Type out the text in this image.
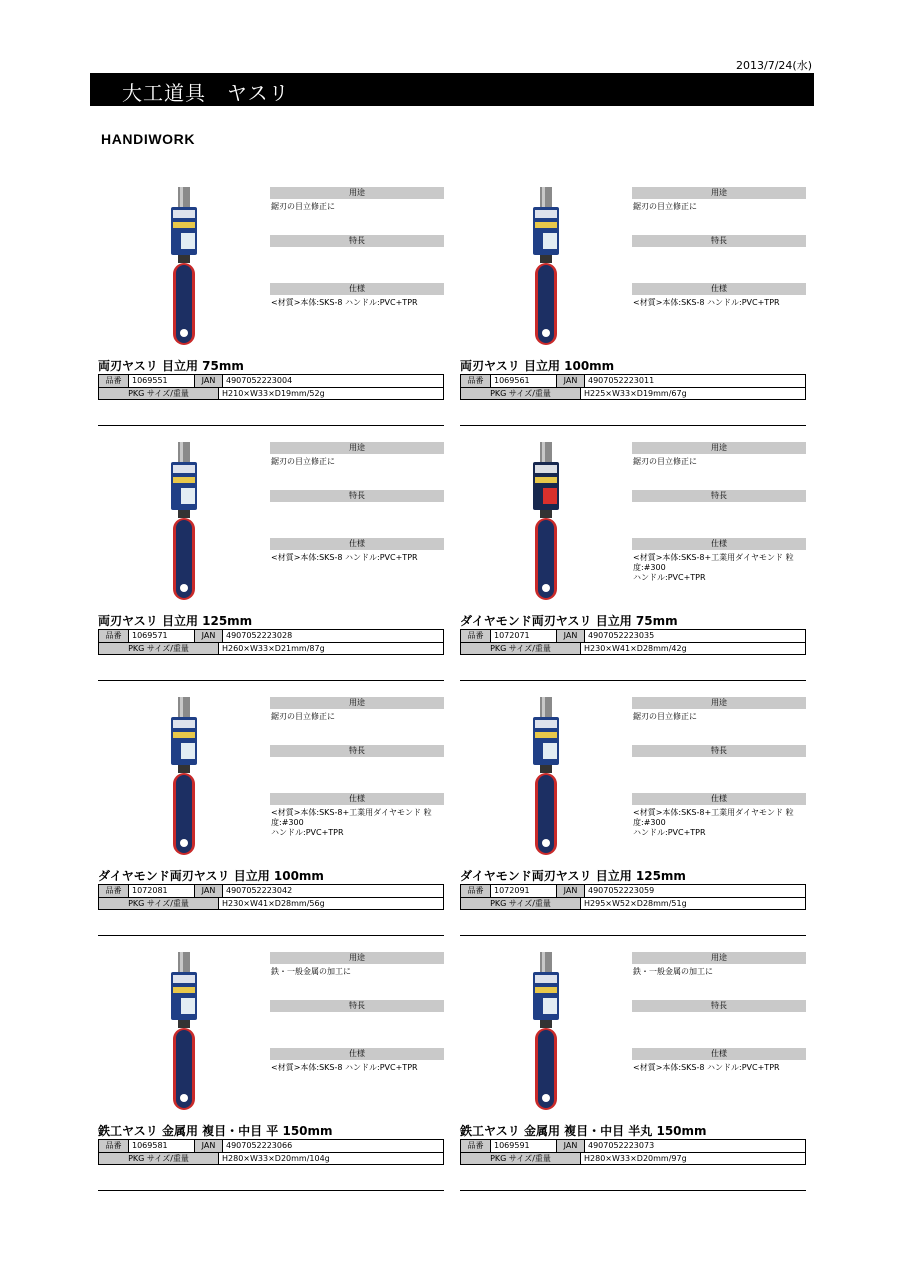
2013/7/24(水)
大工道具　ヤスリ
HANDIWORK
用途
鋸刃の目立修正に
特長
仕様
<材質>本体:SKS-8 ハンドル:PVC+TPR
両刃ヤスリ 目立用 75mm
品番	1069551	JAN	4907052223004
PKG サイズ/重量	H210×W33×D19mm/52g
用途
鋸刃の目立修正に
特長
仕様
<材質>本体:SKS-8 ハンドル:PVC+TPR
両刃ヤスリ 目立用 100mm
品番	1069561	JAN	4907052223011
PKG サイズ/重量	H225×W33×D19mm/67g
用途
鋸刃の目立修正に
特長
仕様
<材質>本体:SKS-8 ハンドル:PVC+TPR
両刃ヤスリ 目立用 125mm
品番	1069571	JAN	4907052223028
PKG サイズ/重量	H260×W33×D21mm/87g
用途
鋸刃の目立修正に
特長
仕様
<材質>本体:SKS-8+工業用ダイヤモンド 粒度:#300
ハンドル:PVC+TPR
ダイヤモンド両刃ヤスリ 目立用 75mm
品番	1072071	JAN	4907052223035
PKG サイズ/重量	H230×W41×D28mm/42g
用途
鋸刃の目立修正に
特長
仕様
<材質>本体:SKS-8+工業用ダイヤモンド 粒度:#300
ハンドル:PVC+TPR
ダイヤモンド両刃ヤスリ 目立用 100mm
品番	1072081	JAN	4907052223042
PKG サイズ/重量	H230×W41×D28mm/56g
用途
鋸刃の目立修正に
特長
仕様
<材質>本体:SKS-8+工業用ダイヤモンド 粒度:#300
ハンドル:PVC+TPR
ダイヤモンド両刃ヤスリ 目立用 125mm
品番	1072091	JAN	4907052223059
PKG サイズ/重量	H295×W52×D28mm/51g
用途
鉄・一般金属の加工に
特長
仕様
<材質>本体:SKS-8 ハンドル:PVC+TPR
鉄工ヤスリ 金属用 複目・中目 平 150mm
品番	1069581	JAN	4907052223066
PKG サイズ/重量	H280×W33×D20mm/104g
用途
鉄・一般金属の加工に
特長
仕様
<材質>本体:SKS-8 ハンドル:PVC+TPR
鉄工ヤスリ 金属用 複目・中目 半丸 150mm
品番	1069591	JAN	4907052223073
PKG サイズ/重量	H280×W33×D20mm/97g
